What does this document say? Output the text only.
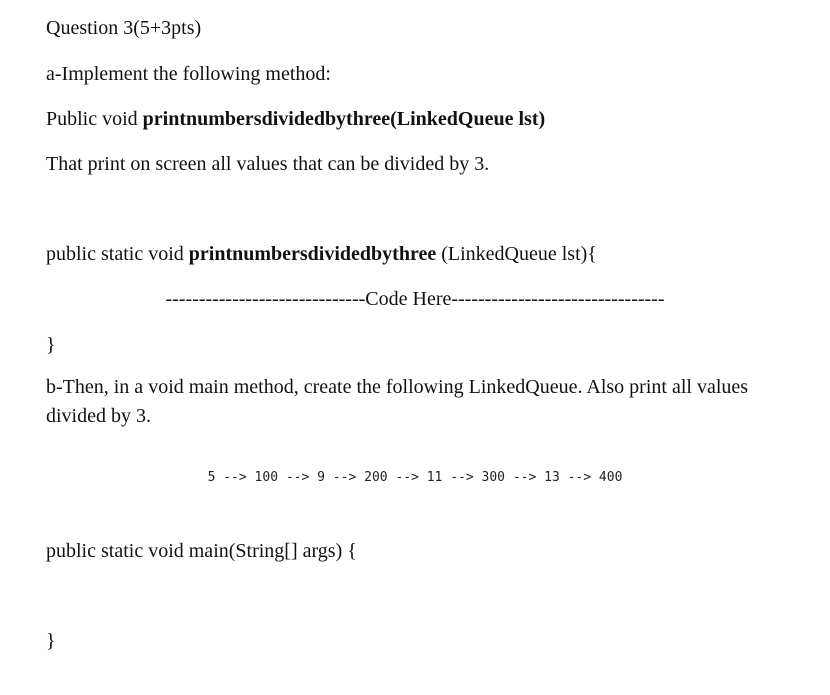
Question 3(5+3pts)
a-Implement the following method:
Public void printnumbersdividedbythree(LinkedQueue lst)
That print on screen all values that can be divided by 3.
public static void printnumbersdividedbythree (LinkedQueue lst){
------------------------------Code Here--------------------------------
}
b-Then, in a void main method, create the following LinkedQueue. Also print all values divided by 3.
5 --> 100 --> 9 --> 200 --> 11 --> 300 --> 13 --> 400
public static void main(String[] args) {
}
